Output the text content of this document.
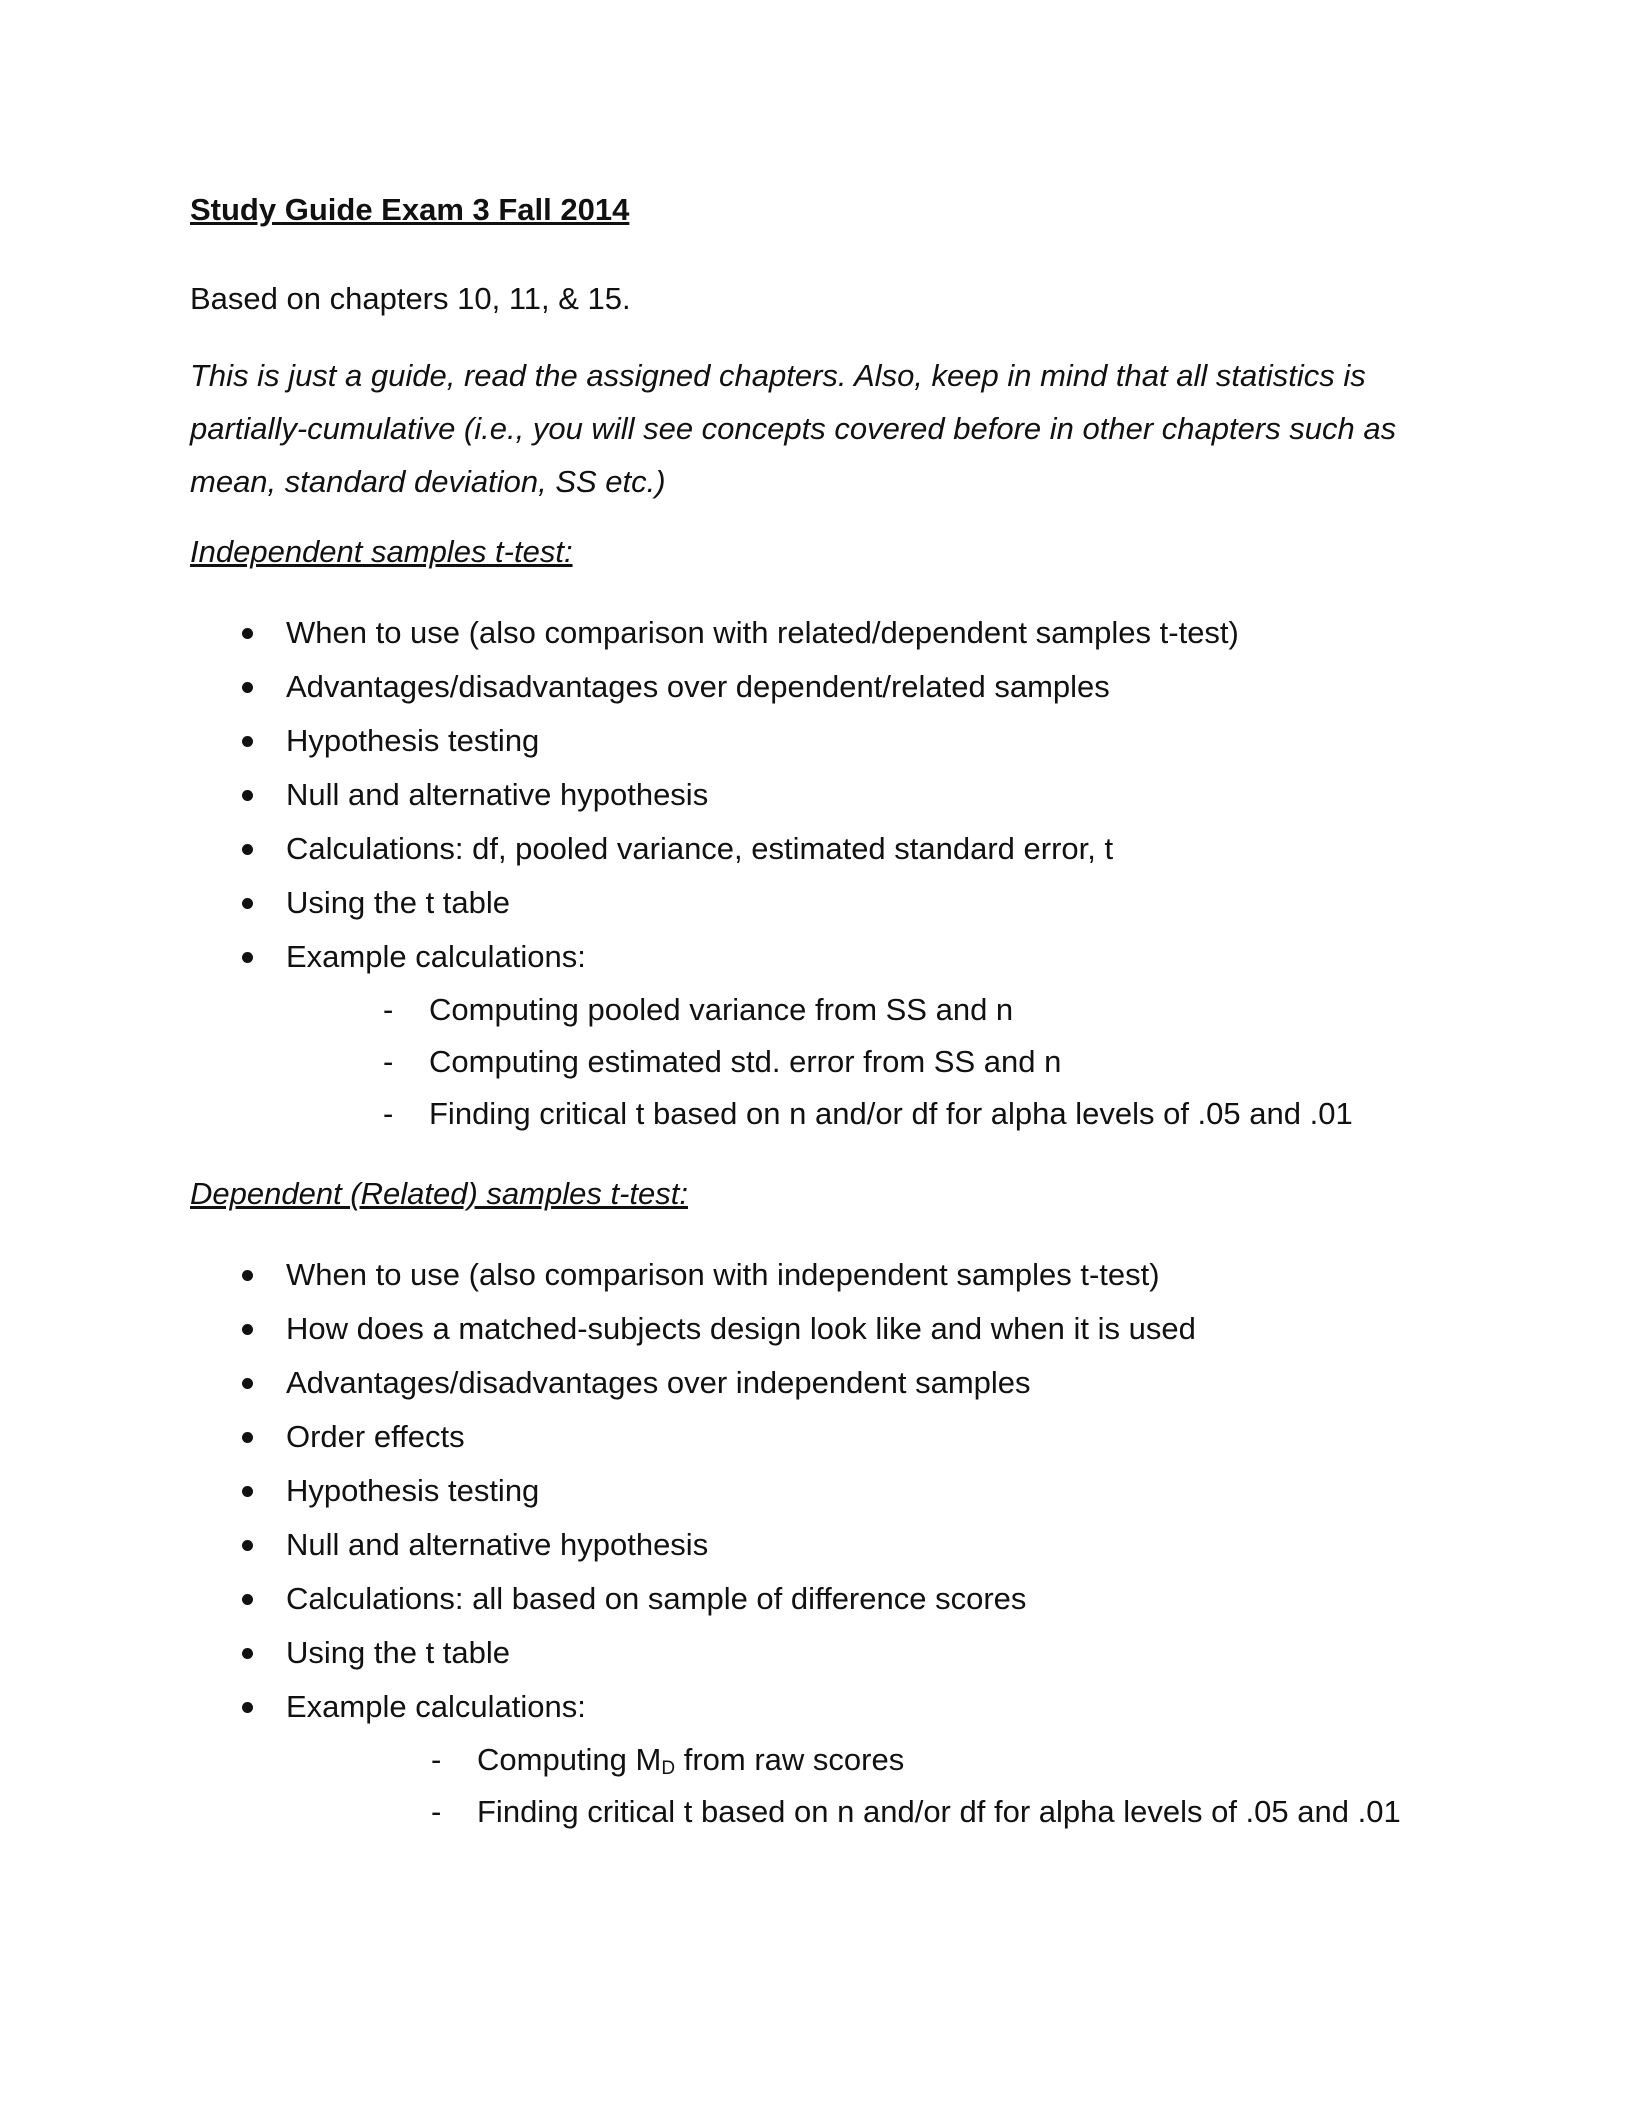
Study Guide Exam 3 Fall 2014
Based on chapters 10, 11, & 15.
This is just a guide, read the assigned chapters. Also, keep in mind that all statistics is partially-cumulative (i.e., you will see concepts covered before in other chapters such as mean, standard deviation, SS etc.)
Independent samples t-test:
When to use (also comparison with related/dependent samples t-test)
Advantages/disadvantages over dependent/related samples
Hypothesis testing
Null and alternative hypothesis
Calculations: df, pooled variance, estimated standard error, t
Using the t table
Example calculations:
- Computing pooled variance from SS and n
- Computing estimated std. error from SS and n
- Finding critical t based on n and/or df for alpha levels of .05 and .01
Dependent (Related) samples t-test:
When to use (also comparison with independent samples t-test)
How does a matched-subjects design look like and when it is used
Advantages/disadvantages over independent samples
Order effects
Hypothesis testing
Null and alternative hypothesis
Calculations: all based on sample of difference scores
Using the t table
Example calculations:
- Computing $M_D$ from raw scores
- Finding critical t based on n and/or df for alpha levels of .05 and .01
